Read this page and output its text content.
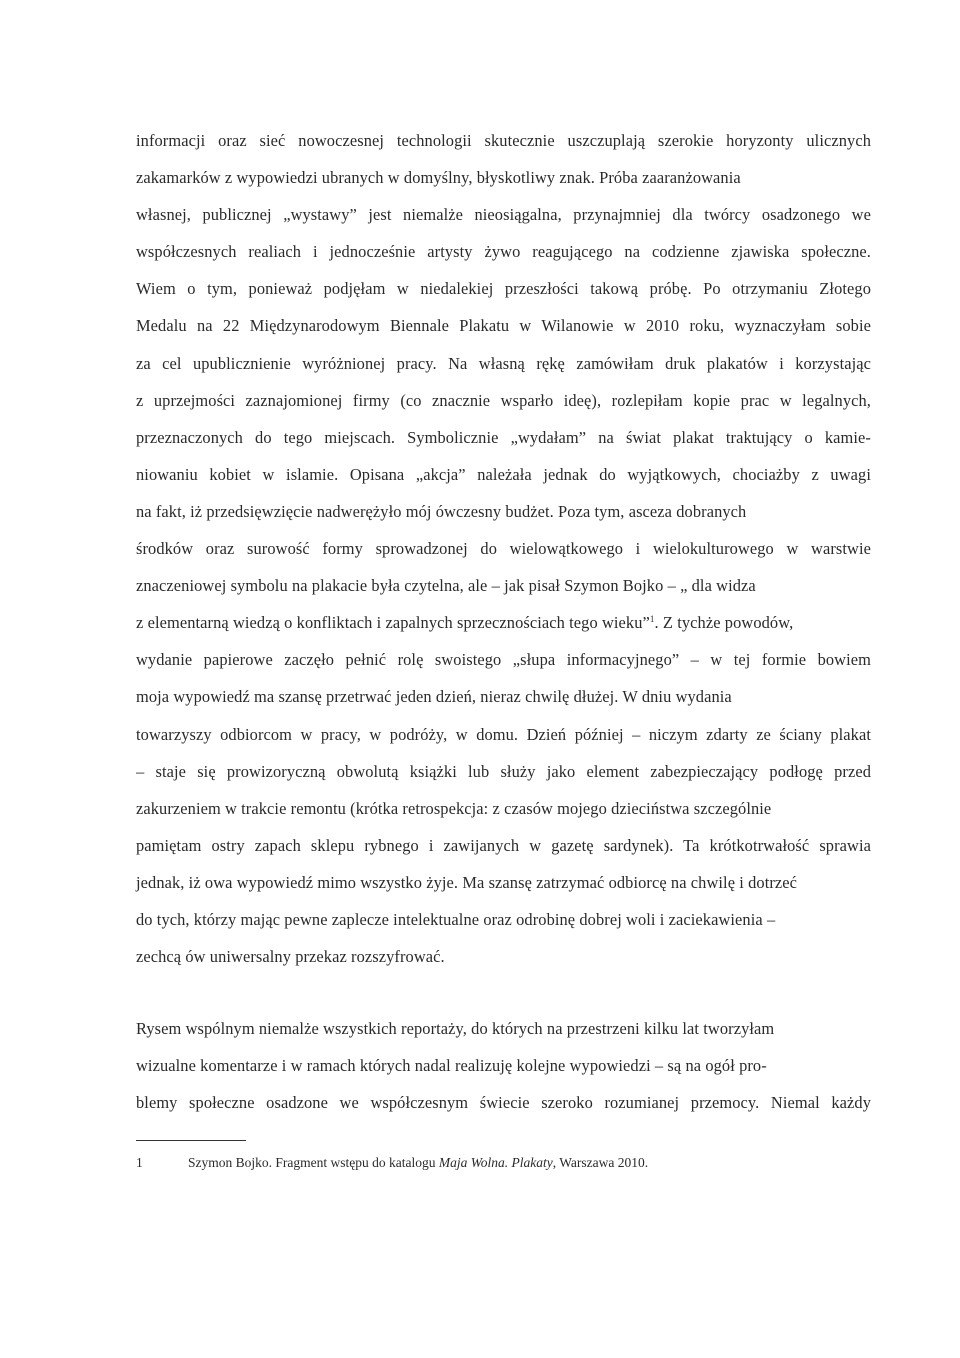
informacji oraz sieć nowoczesnej technologii skutecznie uszczuplają szerokie horyzonty ulicznych
zakamarków z wypowiedzi ubranych w domyślny, błyskotliwy znak. Próba zaaranżowania
własnej, publicznej „wystawy” jest niemalże nieosiągalna, przynajmniej dla twórcy osadzonego we
współczesnych realiach i jednocześnie artysty żywo reagującego na codzienne zjawiska społeczne.
Wiem o tym, ponieważ podjęłam w niedalekiej przeszłości takową próbę. Po otrzymaniu Złotego
Medalu na 22 Międzynarodowym Biennale Plakatu w Wilanowie w 2010 roku, wyznaczyłam sobie
za cel upublicznienie wyróżnionej pracy. Na własną rękę zamówiłam druk plakatów i korzystając
z uprzejmości zaznajomionej firmy (co znacznie wsparło ideę), rozlepiłam kopie prac w legalnych,
przeznaczonych do tego miejscach. Symbolicznie „wydałam” na świat plakat traktujący o kamie-
niowaniu kobiet w islamie. Opisana „akcja” należała jednak do wyjątkowych, chociażby z uwagi
na fakt, iż przedsięwzięcie nadwerężyło mój ówczesny budżet. Poza tym, asceza dobranych
środków oraz surowość formy sprowadzonej do wielowątkowego i wielokulturowego w warstwie
znaczeniowej symbolu na plakacie była czytelna, ale – jak pisał Szymon Bojko – „ dla widza
z elementarną wiedzą o konfliktach i zapalnych sprzecznościach tego wieku”$^1$. Z tychże powodów,
wydanie papierowe zaczęło pełnić rolę swoistego „słupa informacyjnego” – w tej formie bowiem
moja wypowiedź ma szansę przetrwać jeden dzień, nieraz chwilę dłużej. W dniu wydania
towarzyszy odbiorcom w pracy, w podróży, w domu. Dzień później – niczym zdarty ze ściany plakat
– staje się prowizoryczną obwolutą książki lub służy jako element zabezpieczający podłogę przed
zakurzeniem w trakcie remontu (krótka retrospekcja: z czasów mojego dzieciństwa szczególnie
pamiętam ostry zapach sklepu rybnego i zawijanych w gazetę sardynek). Ta krótkotrwałość sprawia
jednak, iż owa wypowiedź mimo wszystko żyje. Ma szansę zatrzymać odbiorcę na chwilę i dotrzeć
do tych, którzy mając pewne zaplecze intelektualne oraz odrobinę dobrej woli i zaciekawienia –
zechcą ów uniwersalny przekaz rozszyfrować.
Rysem wspólnym niemalże wszystkich reportaży, do których na przestrzeni kilku lat tworzyłam
wizualne komentarze i w ramach których nadal realizuję kolejne wypowiedzi – są na ogół pro-
blemy społeczne osadzone we współczesnym świecie szeroko rozumianej przemocy. Niemal każdy
1	Szymon Bojko. Fragment wstępu do katalogu Maja Wolna. Plakaty, Warszawa 2010.
